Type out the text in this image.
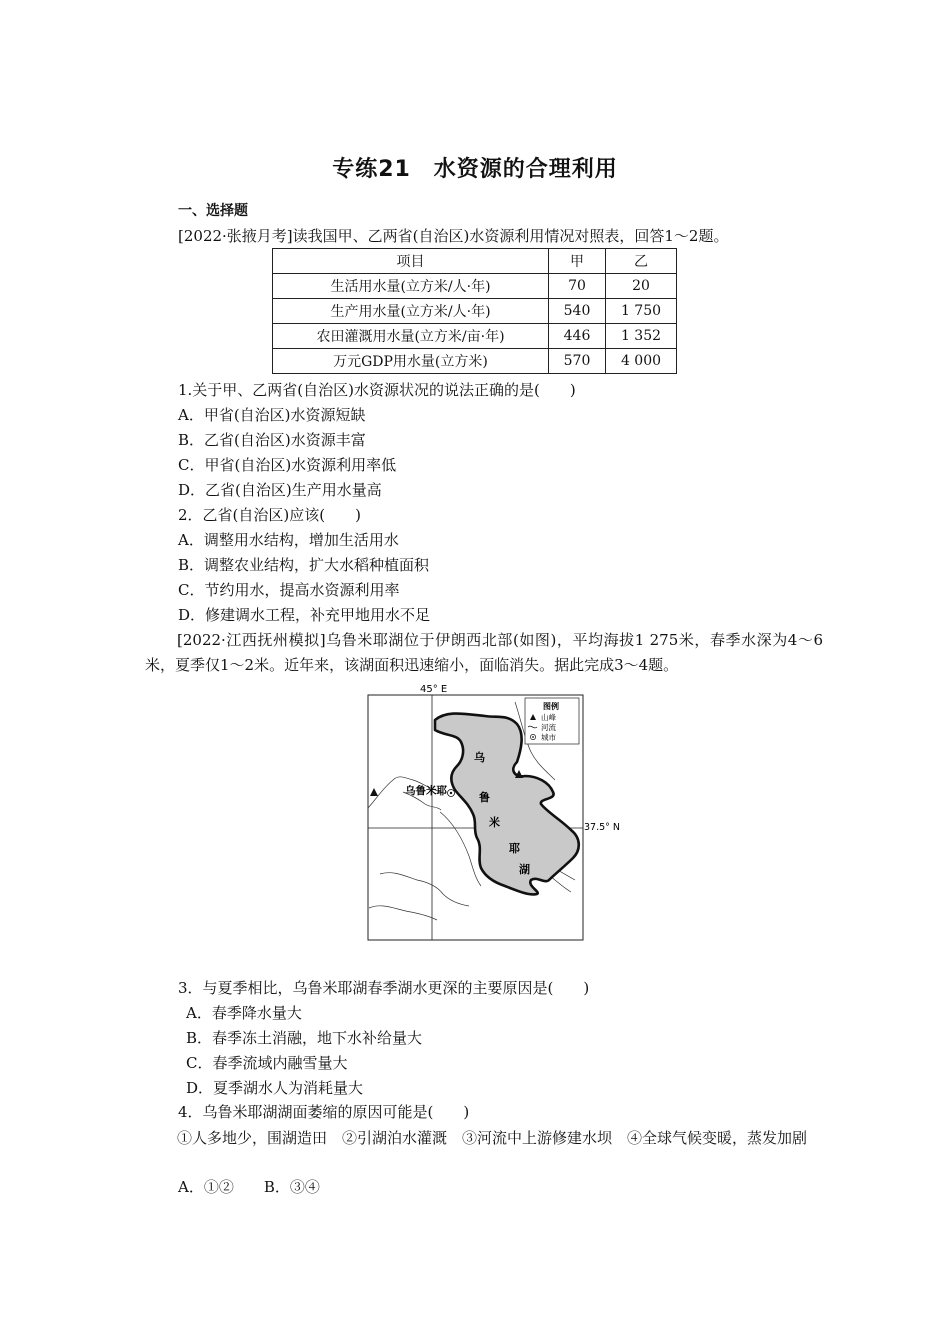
专练21　水资源的合理利用
一、选择题
[2022·张掖月考]读我国甲、乙两省(自治区)水资源利用情况对照表，回答1～2题。
项目	甲	乙
生活用水量(立方米/人·年)	70	20
生产用水量(立方米/人·年)	540	1 750
农田灌溉用水量(立方米/亩·年)	446	1 352
万元GDP用水量(立方米)	570	4 000
1.关于甲、乙两省(自治区)水资源状况的说法正确的是(　　)
A．甲省(自治区)水资源短缺
B．乙省(自治区)水资源丰富
C．甲省(自治区)水资源利用率低
D．乙省(自治区)生产用水量高
2．乙省(自治区)应该(　　)
A．调整用水结构，增加生活用水
B．调整农业结构，扩大水稻种植面积
C．节约用水，提高水资源利用率
D．修建调水工程，补充甲地用水不足
[2022·江西抚州模拟]乌鲁米耶湖位于伊朗西北部(如图)，平均海拔1 275米，春季水深为4～6米，夏季仅1～2米。近年来，该湖面积迅速缩小，面临消失。据此完成3～4题。
45° E
乌
鲁
米
耶
湖
乌鲁米耶
37.5° N
图例
山峰
河流
城市
3．与夏季相比，乌鲁米耶湖春季湖水更深的主要原因是(　　)
A．春季降水量大
B．春季冻土消融，地下水补给量大
C．春季流域内融雪量大
D．夏季湖水人为消耗量大
4．乌鲁米耶湖湖面萎缩的原因可能是(　　)
①人多地少，围湖造田　②引湖泊水灌溉　③河流中上游修建水坝　④全球气候变暖，蒸发加剧
A．①②　　B．③④
